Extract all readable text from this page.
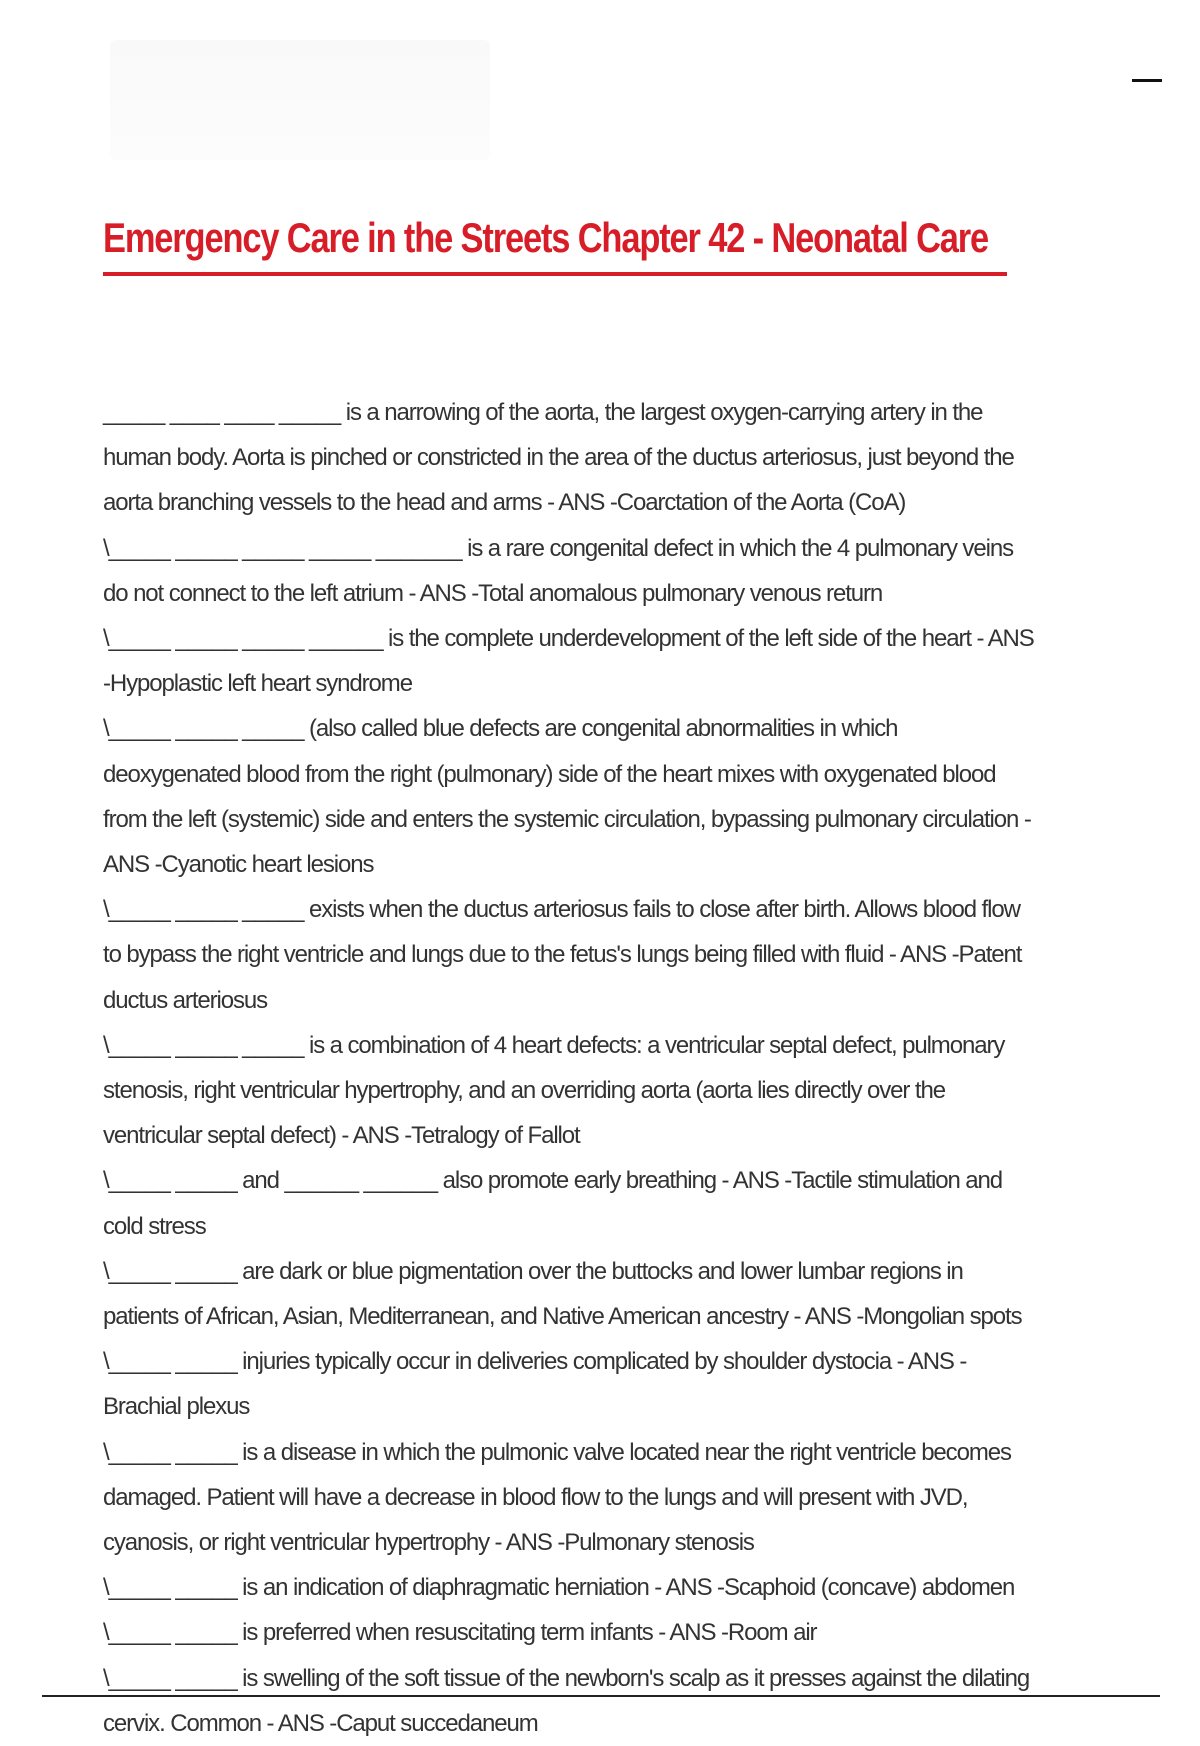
Emergency Care in the Streets Chapter 42 - Neonatal Care

_____ ____ ____ _____ is a narrowing of the aorta, the largest oxygen-carrying artery in the human body. Aorta is pinched or constricted in the area of the ductus arteriosus, just beyond the aorta branching vessels to the head and arms - ANS -Coarctation of the Aorta (CoA)

\_____ _____ _____ _____ _______ is a rare congenital defect in which the 4 pulmonary veins do not connect to the left atrium - ANS -Total anomalous pulmonary venous return

\_____ _____ _____ ______ is the complete underdevelopment of the left side of the heart - ANS -Hypoplastic left heart syndrome

\_____ _____ _____ (also called blue defects are congenital abnormalities in which deoxygenated blood from the right (pulmonary) side of the heart mixes with oxygenated blood from the left (systemic) side and enters the systemic circulation, bypassing pulmonary circulation - ANS -Cyanotic heart lesions

\_____ _____ _____ exists when the ductus arteriosus fails to close after birth. Allows blood flow to bypass the right ventricle and lungs due to the fetus's lungs being filled with fluid - ANS -Patent ductus arteriosus

\_____ _____ _____ is a combination of 4 heart defects: a ventricular septal defect, pulmonary stenosis, right ventricular hypertrophy, and an overriding aorta (aorta lies directly over the ventricular septal defect) - ANS -Tetralogy of Fallot

\_____ _____ and ______ ______ also promote early breathing - ANS -Tactile stimulation and cold stress

\_____ _____ are dark or blue pigmentation over the buttocks and lower lumbar regions in patients of African, Asian, Mediterranean, and Native American ancestry - ANS -Mongolian spots

\_____ _____ injuries typically occur in deliveries complicated by shoulder dystocia - ANS -Brachial plexus

\_____ _____ is a disease in which the pulmonic valve located near the right ventricle becomes damaged. Patient will have a decrease in blood flow to the lungs and will present with JVD, cyanosis, or right ventricular hypertrophy - ANS -Pulmonary stenosis

\_____ _____ is an indication of diaphragmatic herniation - ANS -Scaphoid (concave) abdomen

\_____ _____ is preferred when resuscitating term infants - ANS -Room air

\_____ _____ is swelling of the soft tissue of the newborn's scalp as it presses against the dilating cervix. Common - ANS -Caput succedaneum
